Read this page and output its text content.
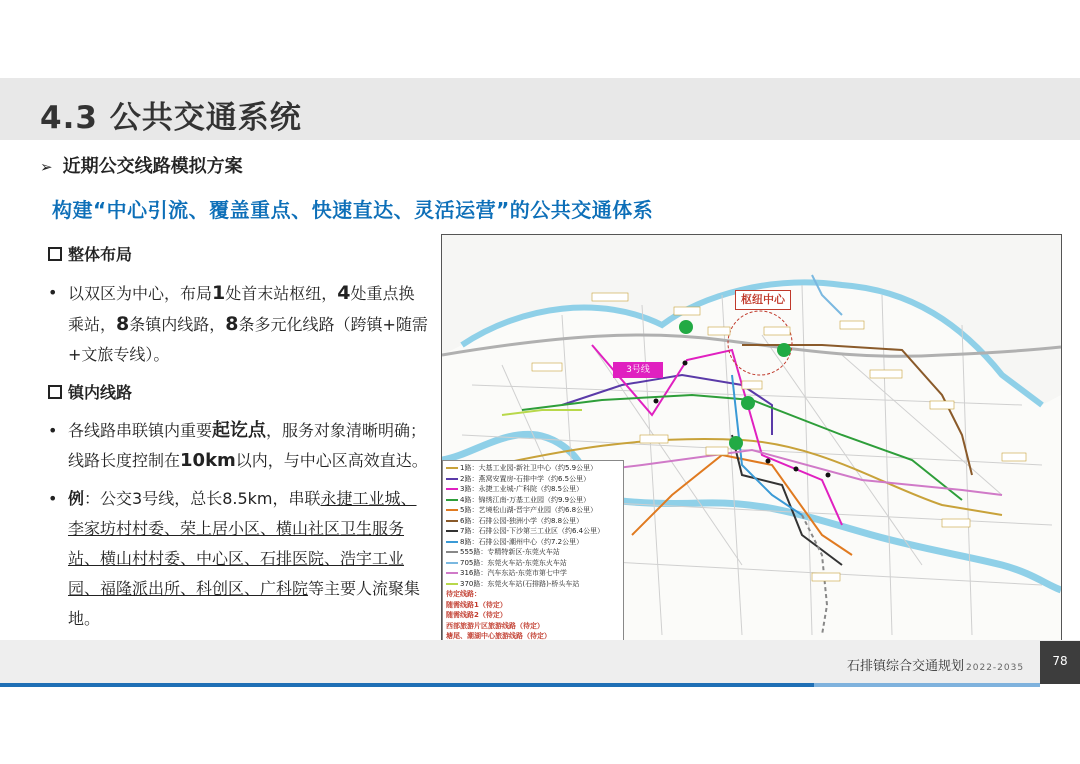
4.3 公共交通系统
➢ 近期公交线路模拟方案
构建“中心引流、覆盖重点、快速直达、灵活运营”的公共交通体系
整体布局
• 以双区为中心，布局1处首末站枢纽，4处重点换乘站，8条镇内线路，8条多元化线路（跨镇+随需+文旅专线）。
镇内线路
• 各线路串联镇内重要起讫点，服务对象清晰明确；线路长度控制在10km以内，与中心区高效直达。
• 例：公交3号线，总长8.5km，串联永捷工业城、李家坊村村委、荣上居小区、横山社区卫生服务站、横山村村委、中心区、石排医院、浩宇工业园、福隆派出所、科创区、广科院等主要人流聚集地。
枢纽中心
3号线
1路：大基工业园-新社卫中心（约5.9公里）
2路：燕窝安置房-石排中学（约6.5公里）
3路：永捷工业城-广科院（约8.5公里）
4路：锦绣江南-万基工业园（约9.9公里）
5路：艺境松山湖-晋宇产业园（约6.8公里）
6路：石排公园-独洲小学（约8.8公里）
7路：石排公园-下沙第三工业区（约6.4公里）
8路：石排公园-潮州中心（约7.2公里）
555路：专精特新区-东莞火车站
705路：东莞火车站-东莞东火车站
316路：汽车东站-东莞市第七中学
370路：东莞火车站(石排路)-桥头车站
待定线路：
随需线路1（待定）
随需线路2（待定）
西部旅游片区旅游线路（待定）
塘尾、潮湖中心旅游线路（待定）
石排镇综合交通规划 2022-2035	78
